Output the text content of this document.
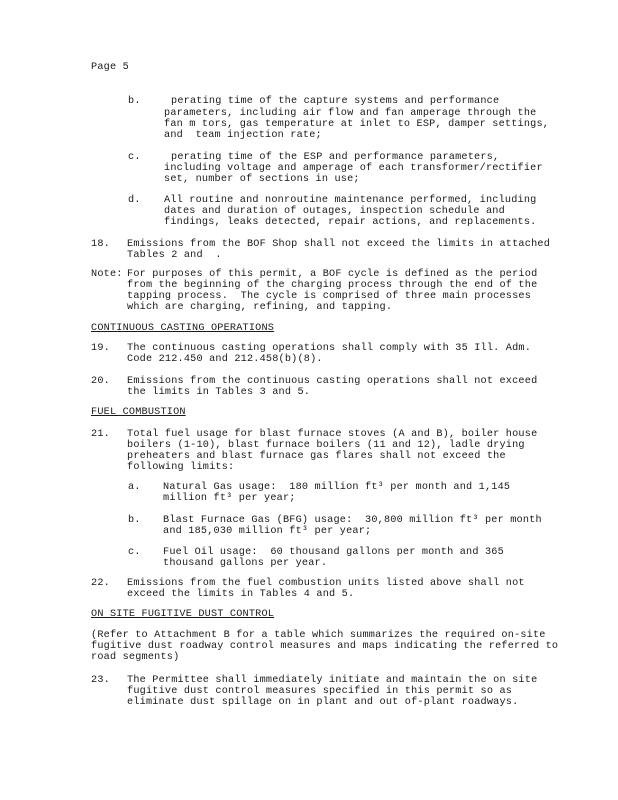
Page 5
b.	perating time of the capture systems and performance
parameters, including air flow and fan amperage through the
fan m tors, gas temperature at inlet to ESP, damper settings,
and  team injection rate;
c.	perating time of the ESP and performance parameters,
including voltage and amperage of each transformer/rectifier
set, number of sections in use;
d. All routine and nonroutine maintenance performed, including
dates and duration of outages, inspection schedule and
findings, leaks detected, repair actions, and replacements.
18. Emissions from the BOF Shop shall not exceed the limits in attached
Tables 2 and  .
Note: For purposes of this permit, a BOF cycle is defined as the period
from the beginning of the charging process through the end of the
tapping process.  The cycle is comprised of three main processes
which are charging, refining, and tapping.
CONTINUOUS CASTING OPERATIONS
19. The continuous casting operations shall comply with 35 Ill. Adm.
Code 212.450 and 212.458(b)(8).
20. Emissions from the continuous casting operations shall not exceed
the limits in Tables 3 and 5.
FUEL COMBUSTION
21. Total fuel usage for blast furnace stoves (A and B), boiler house
boilers (1-10), blast furnace boilers (11 and 12), ladle drying
preheaters and blast furnace gas flares shall not exceed the
following limits:
a. Natural Gas usage:  180 million ft³ per month and 1,145
million ft³ per year;
b. Blast Furnace Gas (BFG) usage:  30,800 million ft³ per month
and 185,030 million ft³ per year;
c. Fuel Oil usage:  60 thousand gallons per month and 365
thousand gallons per year.
22. Emissions from the fuel combustion units listed above shall not
exceed the limits in Tables 4 and 5.
ON SITE FUGITIVE DUST CONTROL
(Refer to Attachment B for a table which summarizes the required on-site
fugitive dust roadway control measures and maps indicating the referred to
road segments)
23. The Permittee shall immediately initiate and maintain the on site
fugitive dust control measures specified in this permit so as
eliminate dust spillage on in plant and out of-plant roadways.
